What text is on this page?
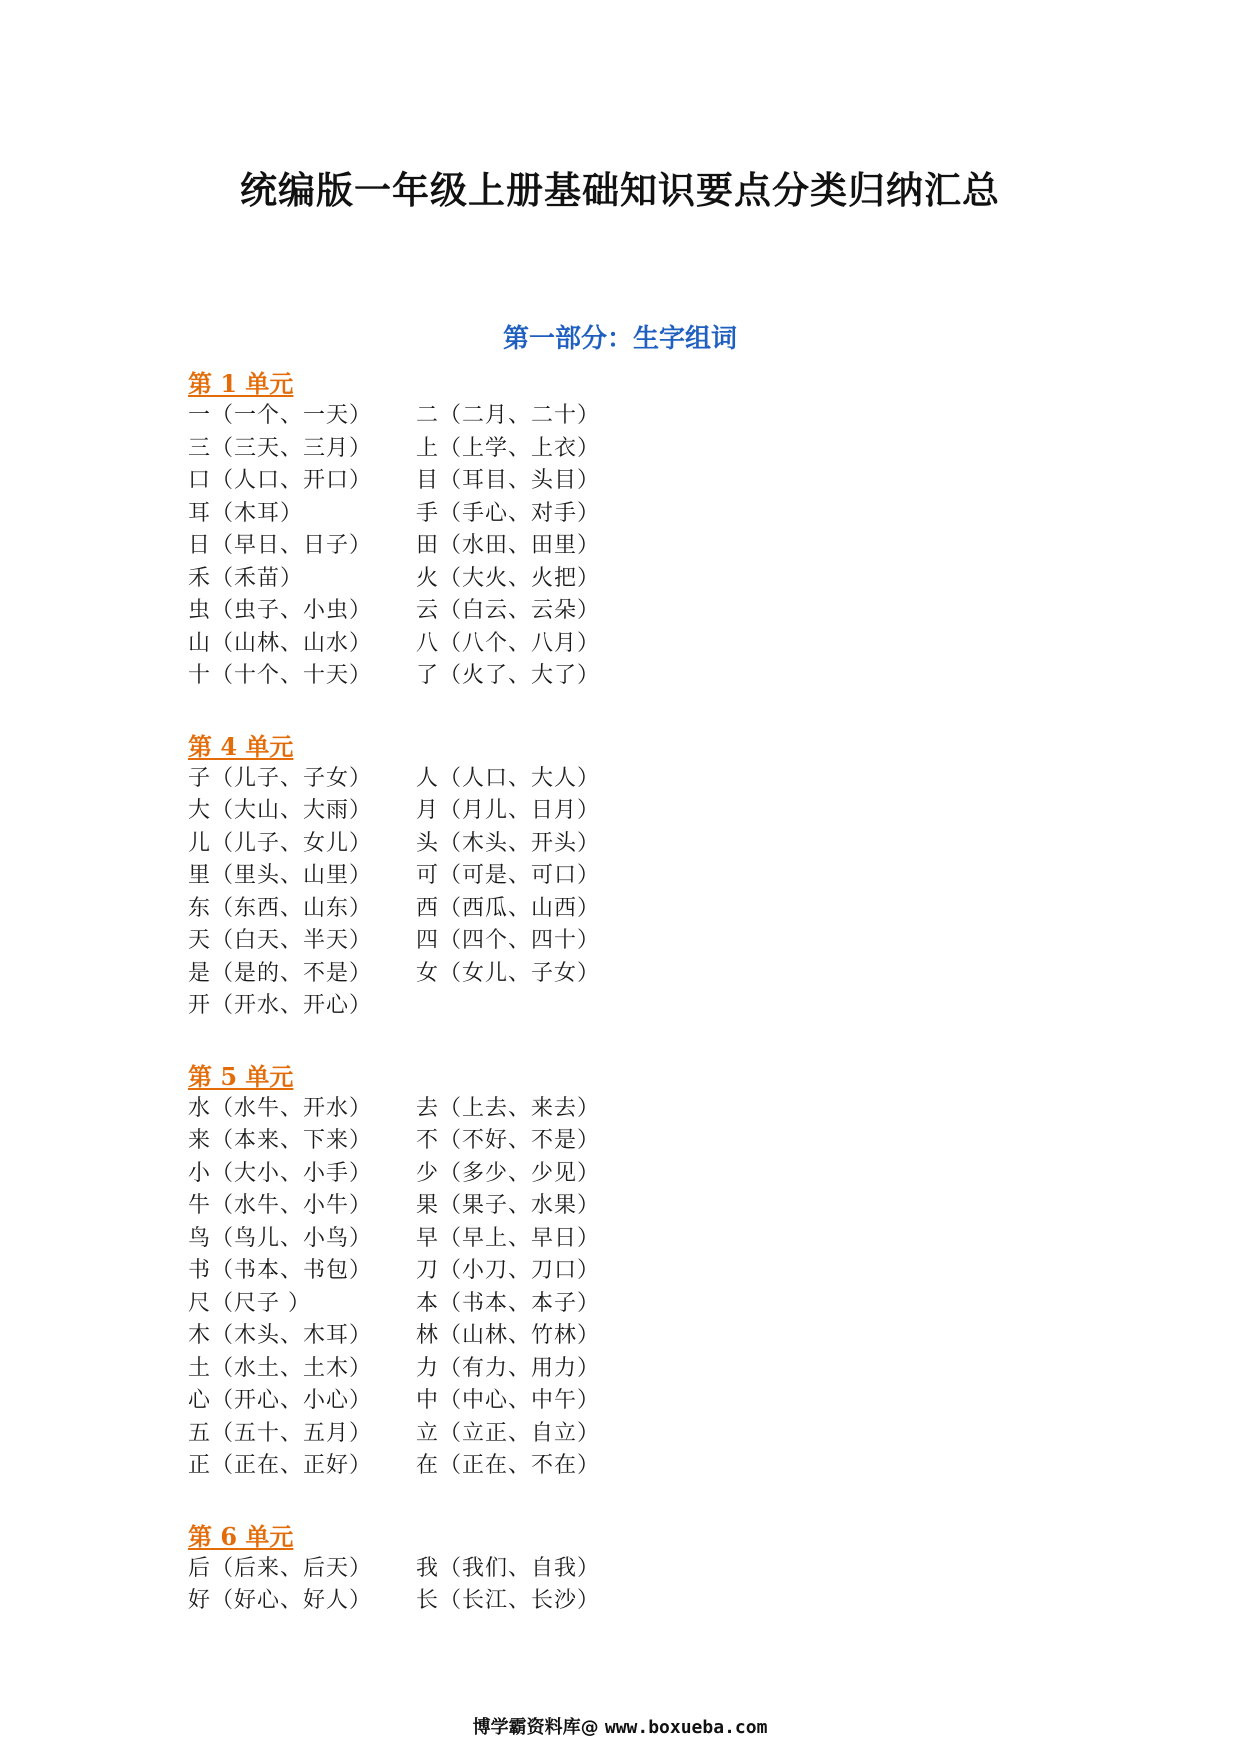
统编版一年级上册基础知识要点分类归纳汇总
第一部分：生字组词
第 1 单元
一（一个、一天）	二（二月、二十）
三（三天、三月）	上（上学、上衣）
口（人口、开口）	目（耳目、头目）
耳（木耳）	手（手心、对手）
日（早日、日子）	田（水田、田里）
禾（禾苗）	火（大火、火把）
虫（虫子、小虫）	云（白云、云朵）
山（山林、山水）	八（八个、八月）
十（十个、十天）	了（火了、大了）
第 4 单元
子（儿子、子女）	人（人口、大人）
大（大山、大雨）	月（月儿、日月）
儿（儿子、女儿）	头（木头、开头）
里（里头、山里）	可（可是、可口）
东（东西、山东）	西（西瓜、山西）
天（白天、半天）	四（四个、四十）
是（是的、不是）	女（女儿、子女）
开（开水、开心）
第 5 单元
水（水牛、开水）	去（上去、来去）
来（本来、下来）	不（不好、不是）
小（大小、小手）	少（多少、少见）
牛（水牛、小牛）	果（果子、水果）
鸟（鸟儿、小鸟）	早（早上、早日）
书（书本、书包）	刀（小刀、刀口）
尺（尺子 ）	本（书本、本子）
木（木头、木耳）	林（山林、竹林）
土（水土、土木）	力（有力、用力）
心（开心、小心）	中（中心、中午）
五（五十、五月）	立（立正、自立）
正（正在、正好）	在（正在、不在）
第 6 单元
后（后来、后天）	我（我们、自我）
好（好心、好人）	长（长江、长沙）
博学霸资料库@ www.boxueba.com
